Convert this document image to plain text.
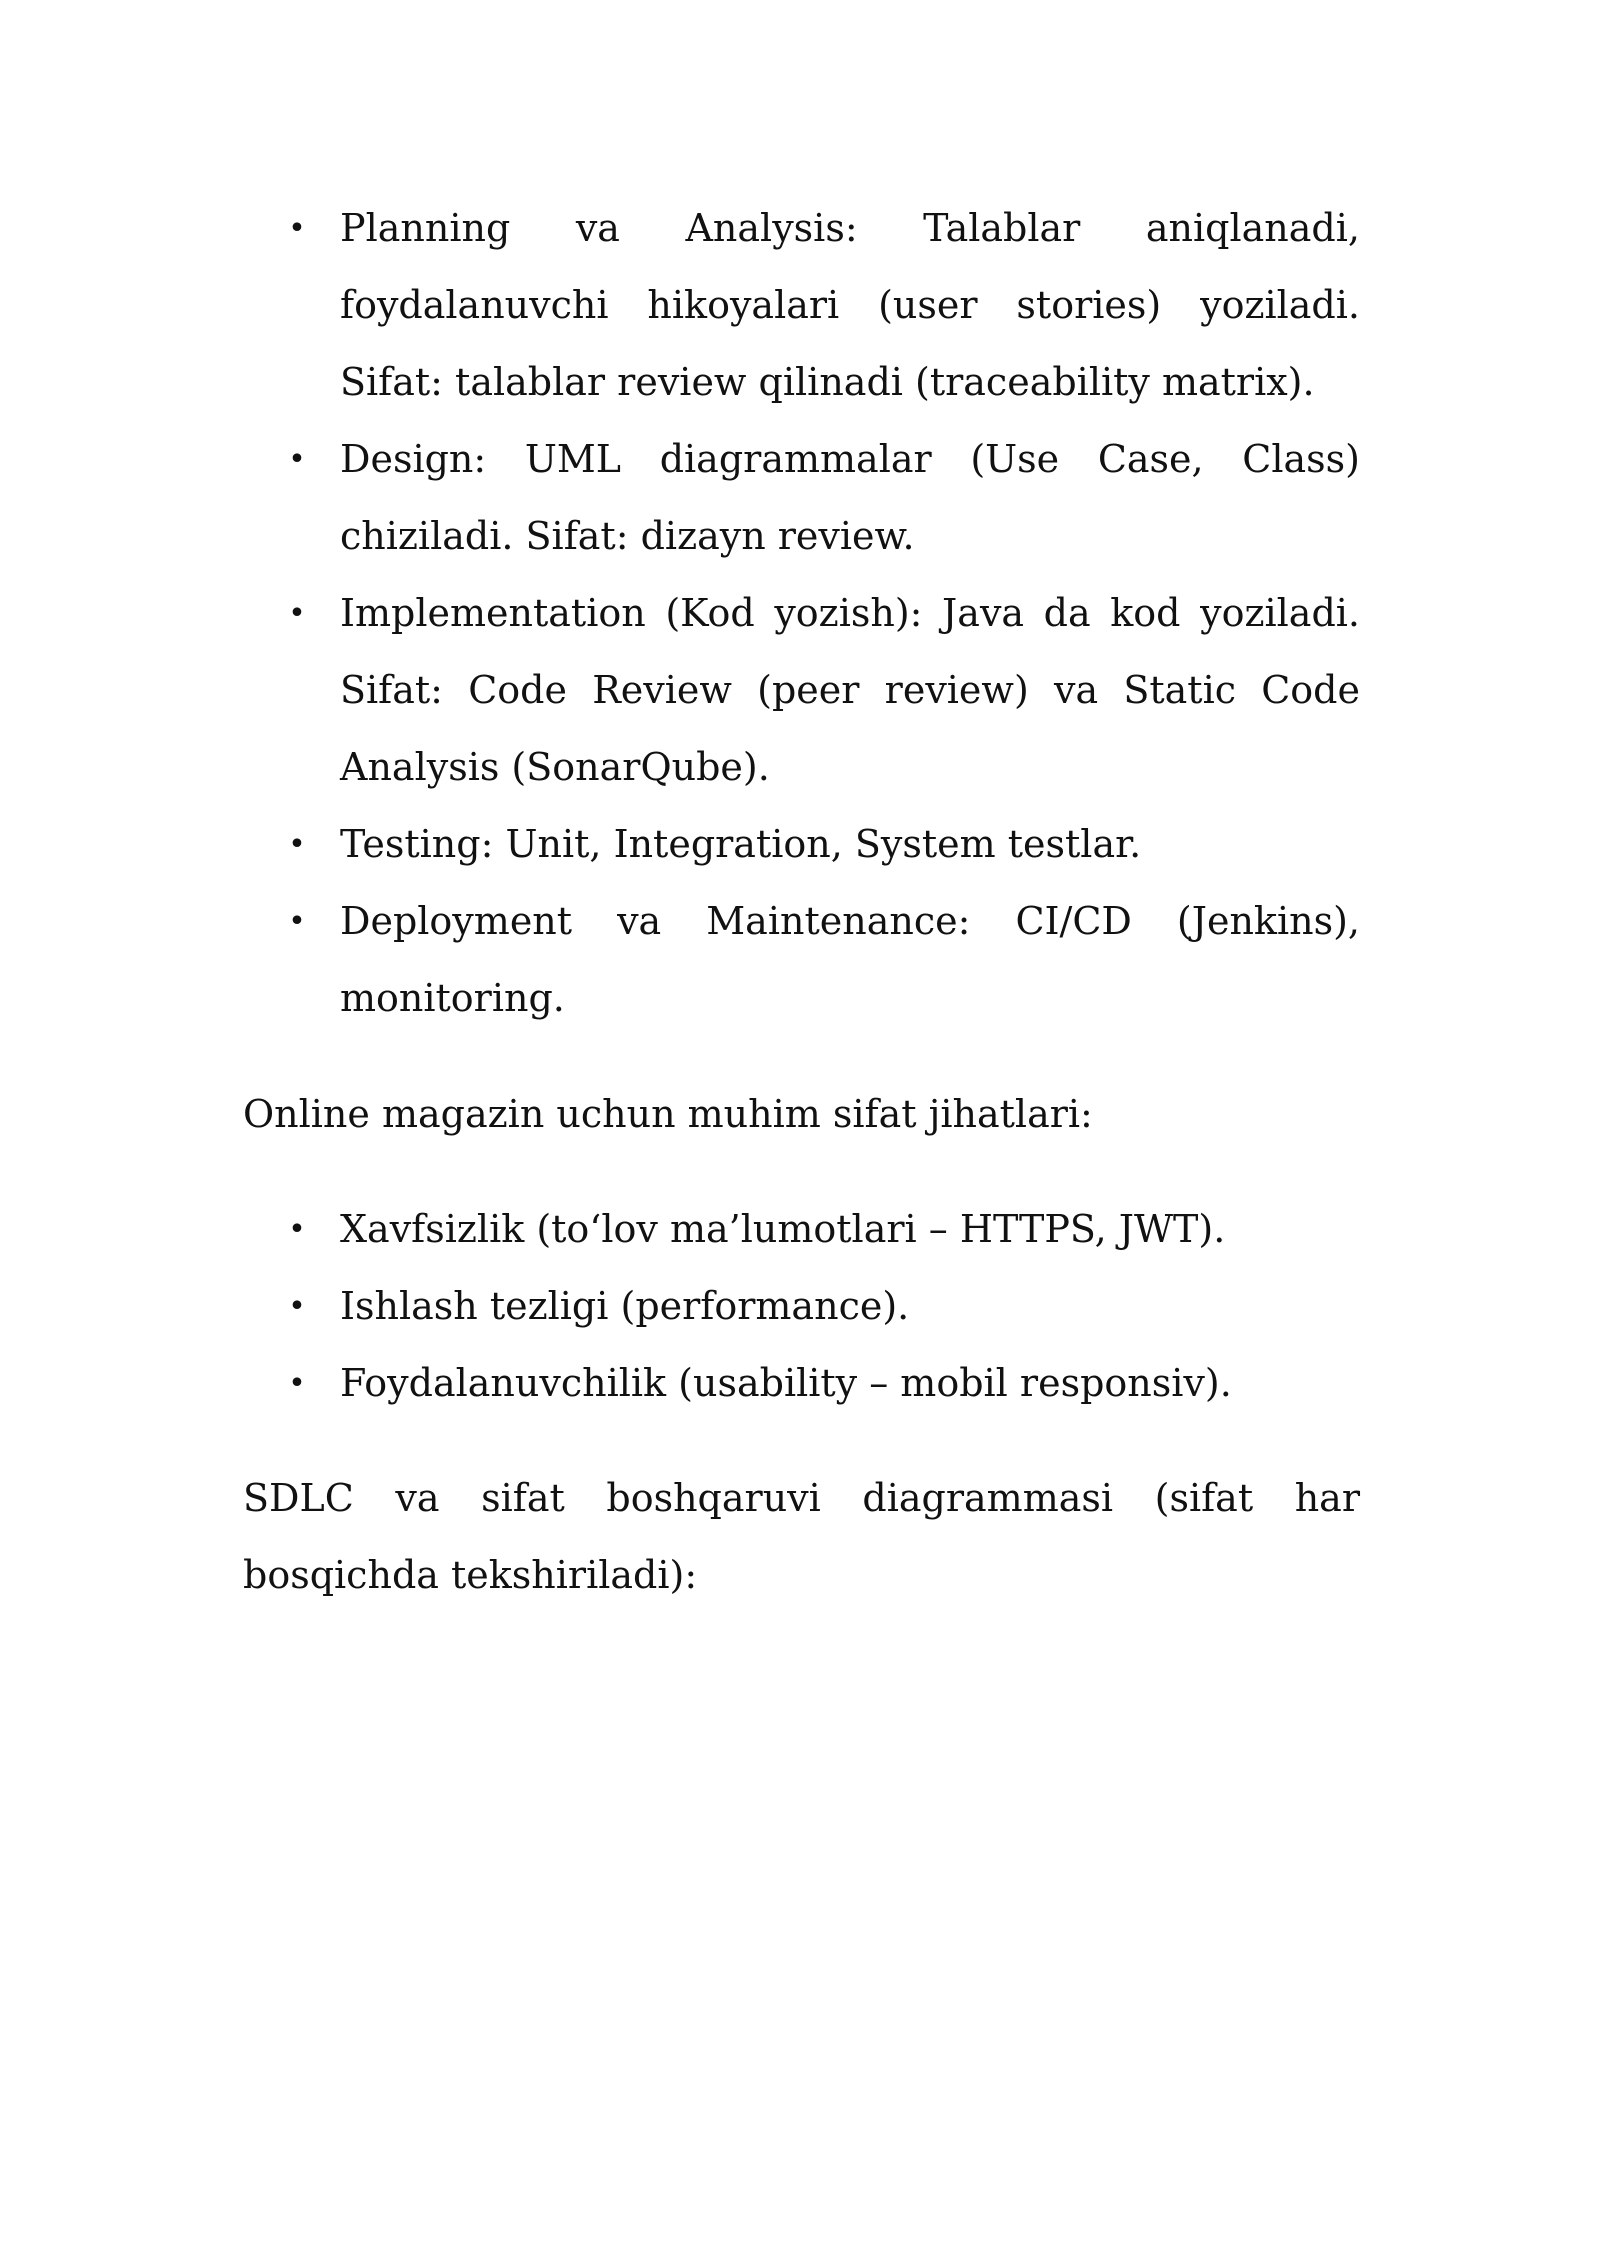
• Planning va Analysis: Talablar aniqlanadi, foydalanuvchi hikoyalari (user stories) yoziladi. Sifat: talablar review qilinadi (traceability matrix).
• Design: UML diagrammalar (Use Case, Class) chiziladi. Sifat: dizayn review.
• Implementation (Kod yozish): Java da kod yoziladi. Sifat: Code Review (peer review) va Static Code Analysis (SonarQube).
• Testing: Unit, Integration, System testlar.
• Deployment va Maintenance: CI/CD (Jenkins), monitoring.

Online magazin uchun muhim sifat jihatlari:

• Xavfsizlik (to‘lov ma’lumotlari – HTTPS, JWT).
• Ishlash tezligi (performance).
• Foydalanuvchilik (usability – mobil responsiv).

SDLC va sifat boshqaruvi diagrammasi (sifat har bosqichda tekshiriladi):
